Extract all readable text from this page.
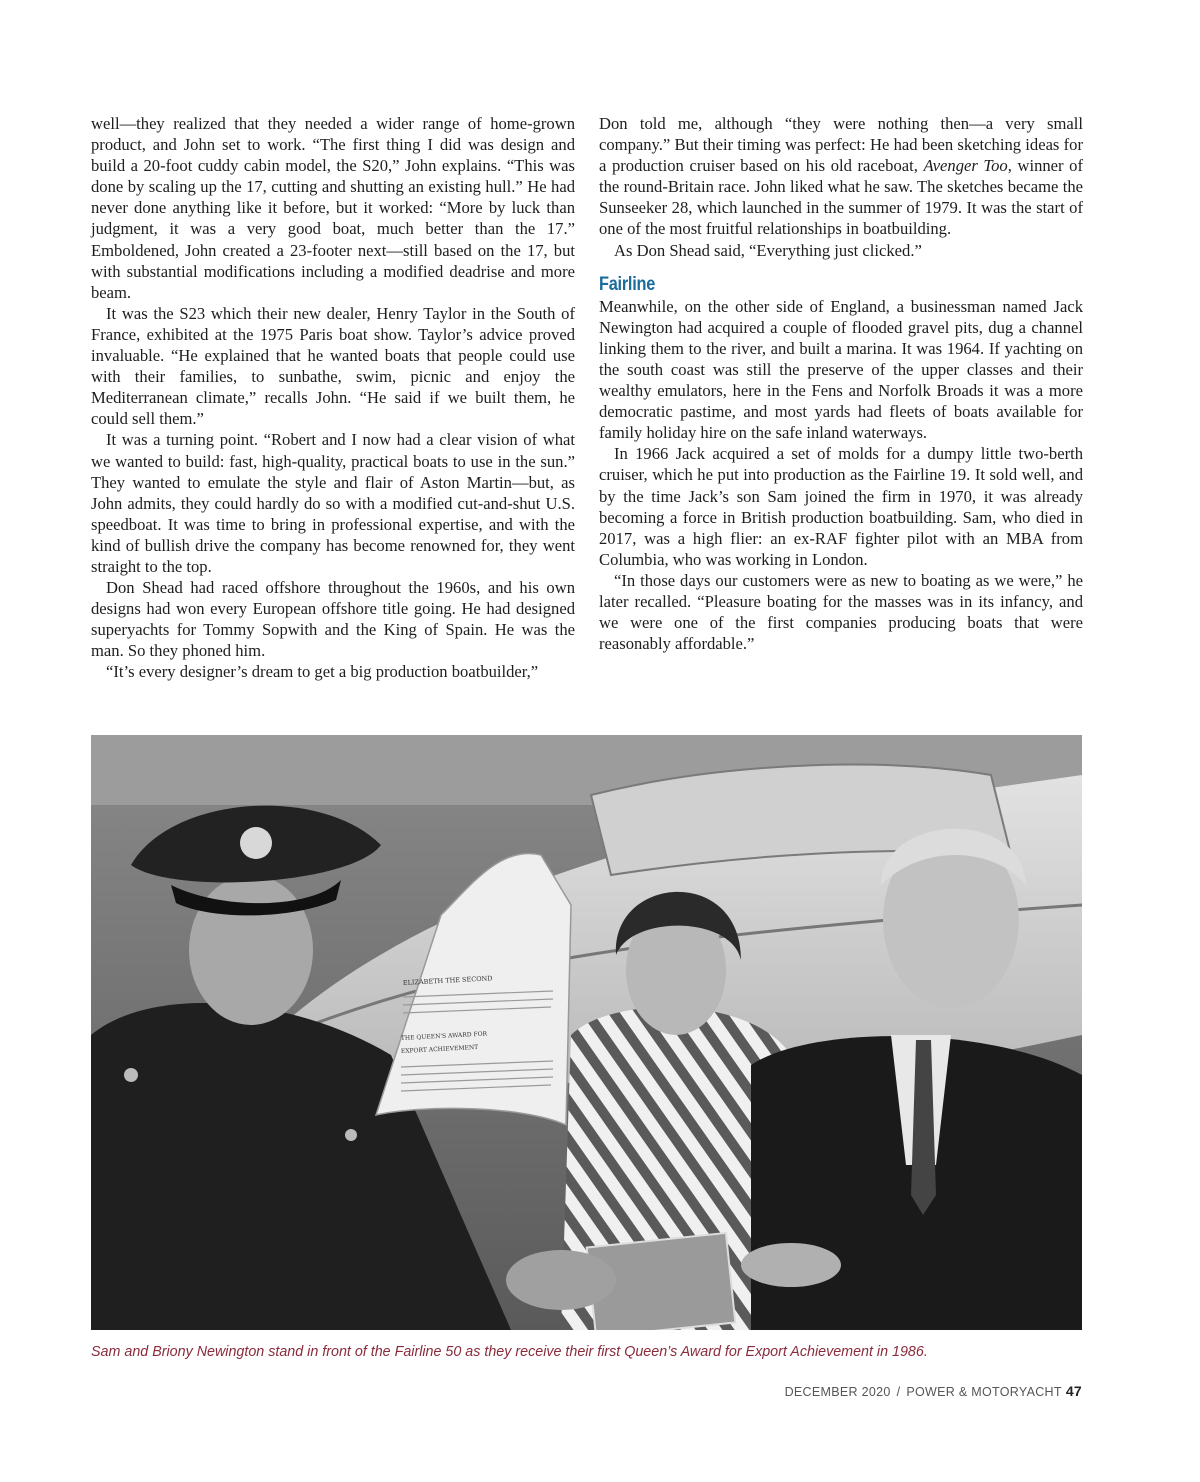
well—they realized that they needed a wider range of home-grown product, and John set to work. “The first thing I did was design and build a 20-foot cuddy cabin model, the S20,” John explains. “This was done by scaling up the 17, cutting and shutting an existing hull.” He had never done anything like it before, but it worked: “More by luck than judgment, it was a very good boat, much better than the 17.” Emboldened, John created a 23-footer next—still based on the 17, but with substantial modifications including a modified deadrise and more beam.

It was the S23 which their new dealer, Henry Taylor in the South of France, exhibited at the 1975 Paris boat show. Taylor’s advice proved invaluable. “He explained that he wanted boats that people could use with their families, to sunbathe, swim, picnic and enjoy the Mediterranean climate,” recalls John. “He said if we built them, he could sell them.”

It was a turning point. “Robert and I now had a clear vision of what we wanted to build: fast, high-quality, practical boats to use in the sun.” They wanted to emulate the style and flair of Aston Martin—but, as John admits, they could hardly do so with a modified cut-and-shut U.S. speedboat. It was time to bring in professional expertise, and with the kind of bullish drive the company has become renowned for, they went straight to the top.

Don Shead had raced offshore throughout the 1960s, and his own designs had won every European offshore title going. He had designed superyachts for Tommy Sopwith and the King of Spain. He was the man. So they phoned him.

“It’s every designer’s dream to get a big production boatbuilder,”

Don told me, although “they were nothing then—a very small company.” But their timing was perfect: He had been sketching ideas for a production cruiser based on his old raceboat, Avenger Too, winner of the round-Britain race. John liked what he saw. The sketches became the Sunseeker 28, which launched in the summer of 1979. It was the start of one of the most fruitful relationships in boatbuilding.

As Don Shead said, “Everything just clicked.”

Fairline

Meanwhile, on the other side of England, a businessman named Jack Newington had acquired a couple of flooded gravel pits, dug a channel linking them to the river, and built a marina. It was 1964. If yachting on the south coast was still the preserve of the upper classes and their wealthy emulators, here in the Fens and Norfolk Broads it was a more democratic pastime, and most yards had fleets of boats available for family holiday hire on the safe inland waterways.

In 1966 Jack acquired a set of molds for a dumpy little two-berth cruiser, which he put into production as the Fairline 19. It sold well, and by the time Jack’s son Sam joined the firm in 1970, it was already becoming a force in British production boatbuilding. Sam, who died in 2017, was a high flier: an ex-RAF fighter pilot with an MBA from Columbia, who was working in London.

“In those days our customers were as new to boating as we were,” he later recalled. “Pleasure boating for the masses was in its infancy, and we were one of the first companies producing boats that were reasonably affordable.”

ELIZABETH THE SECOND
THE QUEEN'S AWARD FOR
EXPORT ACHIEVEMENT
Sam and Briony Newington stand in front of the Fairline 50 as they receive their first Queen’s Award for Export Achievement in 1986.
DECEMBER 2020 / POWER & MOTORYACHT 47
